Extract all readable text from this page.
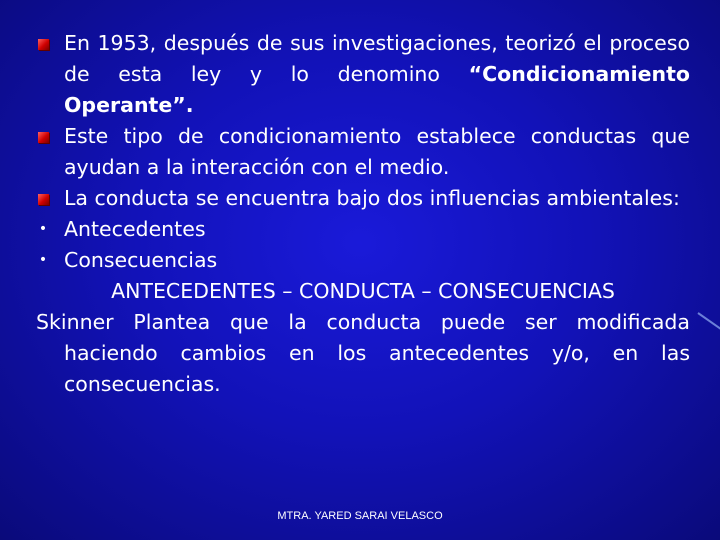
En 1953, después de sus investigaciones, teorizó el proceso de esta ley y lo denomino “Condicionamiento Operante”.
Este tipo de condicionamiento establece conductas que ayudan a la interacción con el medio.
La conducta se encuentra bajo dos influencias ambientales:
• Antecedentes
• Consecuencias
ANTECEDENTES – CONDUCTA – CONSECUENCIAS
Skinner Plantea que la conducta puede ser modificada haciendo cambios en los antecedentes y/o, en las consecuencias.
MTRA. YARED SARAI VELASCO
